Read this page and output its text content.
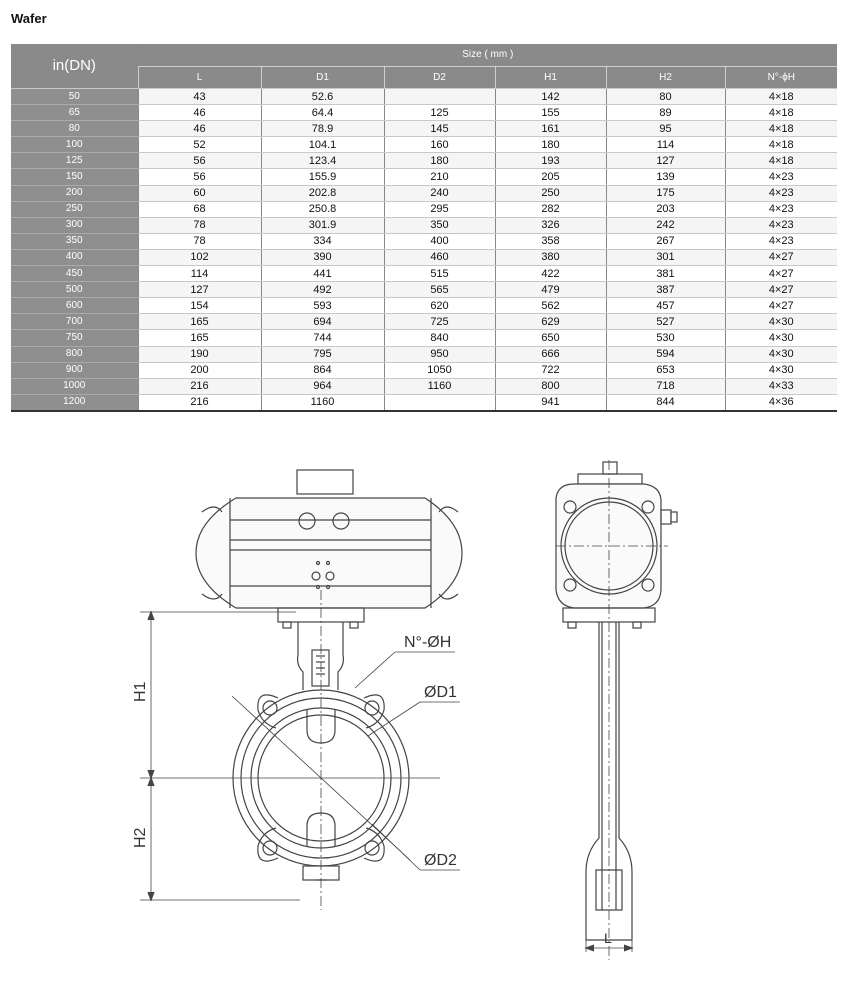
Wafer
in(DN)	Size ( mm )					
	L	D1	D2	H1	H2	N°-ϕH
50	43	52.6		142	80	4×18
65	46	64.4	125	155	89	4×18
80	46	78.9	145	161	95	4×18
100	52	104.1	160	180	114	4×18
125	56	123.4	180	193	127	4×18
150	56	155.9	210	205	139	4×23
200	60	202.8	240	250	175	4×23
250	68	250.8	295	282	203	4×23
300	78	301.9	350	326	242	4×23
350	78	334	400	358	267	4×23
400	102	390	460	380	301	4×27
450	114	441	515	422	381	4×27
500	127	492	565	479	387	4×27
600	154	593	620	562	457	4×27
700	165	694	725	629	527	4×30
750	165	744	840	650	530	4×30
800	190	795	950	666	594	4×30
900	200	864	1050	722	653	4×30
1000	216	964	1160	800	718	4×33
1200	216	1160		941	844	4×36
N°-ØH
ØD1
ØD2
H1
H2
L
